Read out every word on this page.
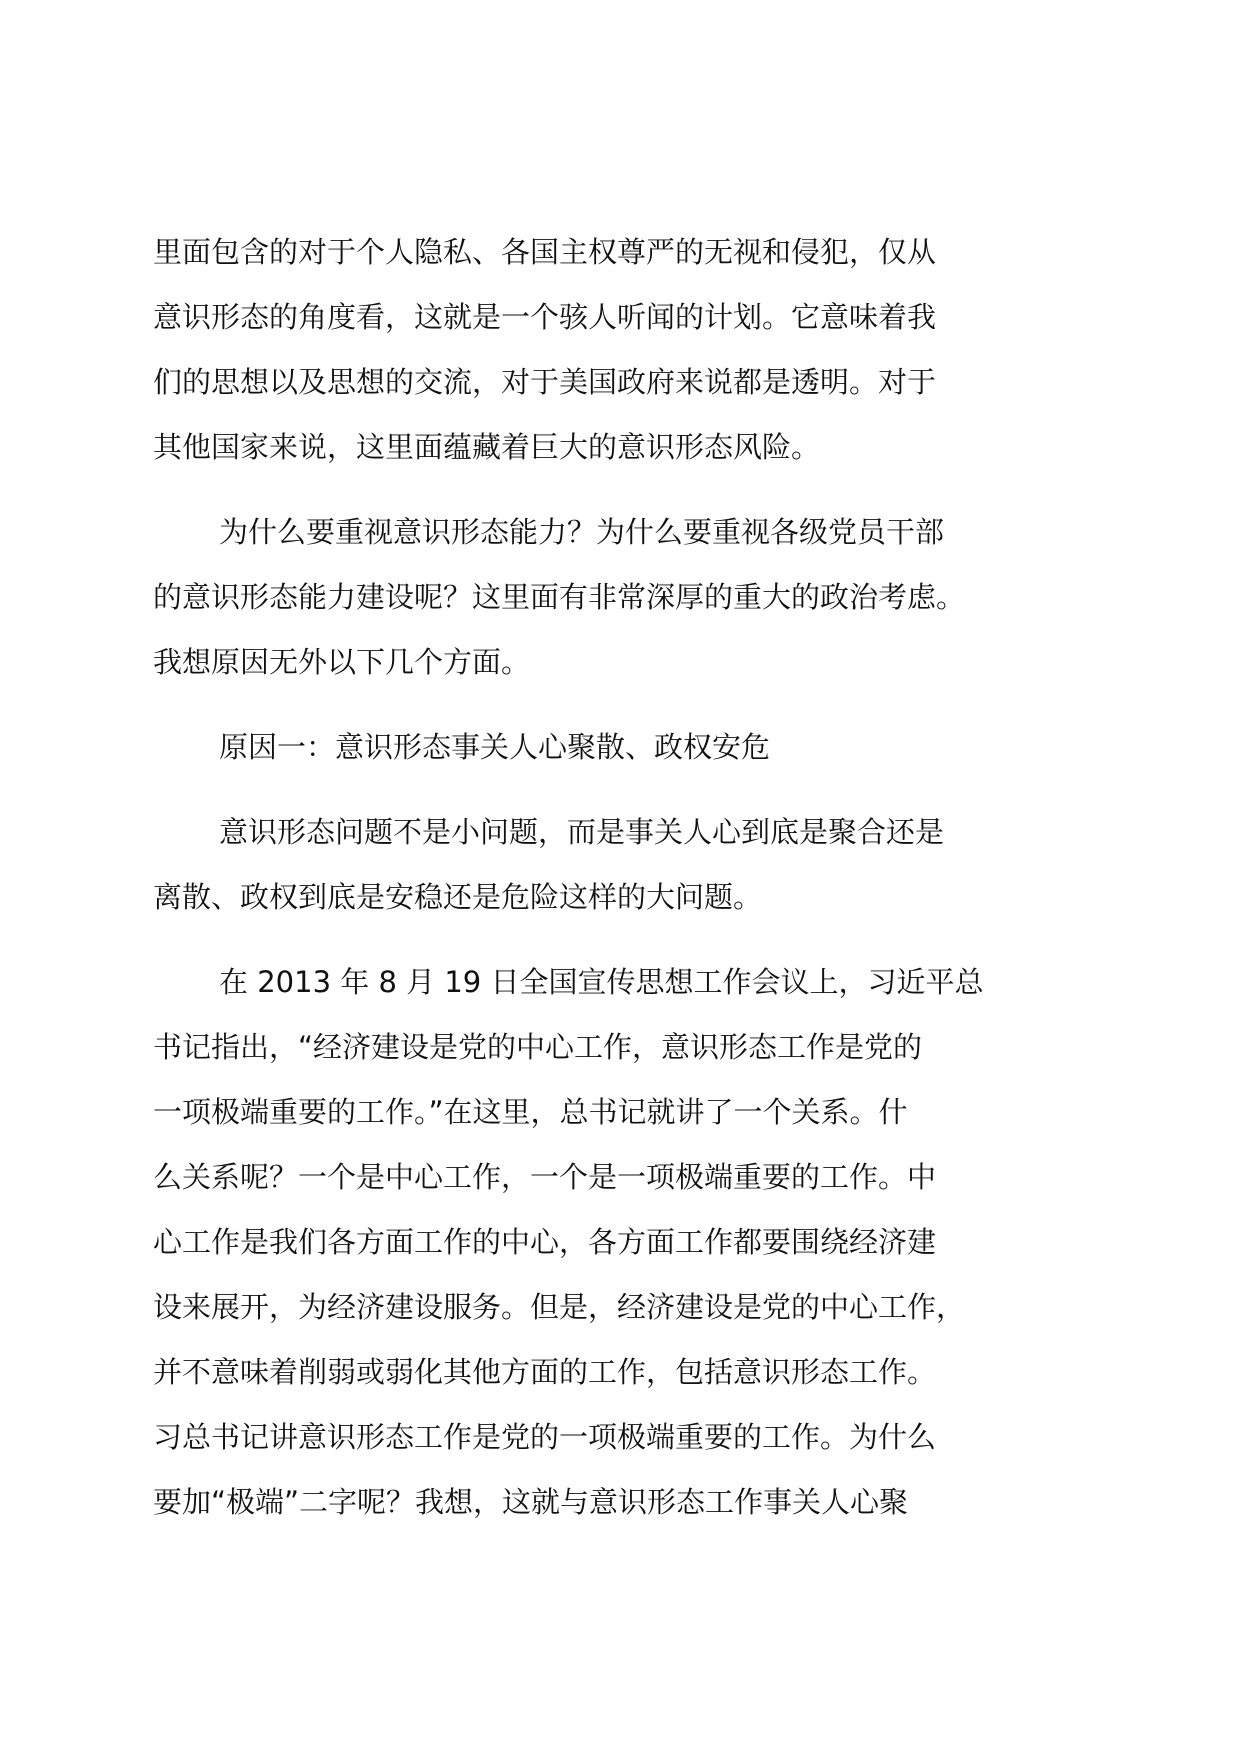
里面包含的对于个人隐私、各国主权尊严的无视和侵犯，仅从
意识形态的角度看，这就是一个骇人听闻的计划。它意味着我
们的思想以及思想的交流，对于美国政府来说都是透明。对于
其他国家来说，这里面蕴藏着巨大的意识形态风险。
为什么要重视意识形态能力？为什么要重视各级党员干部
的意识形态能力建设呢？这里面有非常深厚的重大的政治考虑。
我想原因无外以下几个方面。
原因一：意识形态事关人心聚散、政权安危
意识形态问题不是小问题，而是事关人心到底是聚合还是
离散、政权到底是安稳还是危险这样的大问题。
在 2013 年 8 月 19 日全国宣传思想工作会议上，习近平总
书记指出，“经济建设是党的中心工作，意识形态工作是党的
一项极端重要的工作。”在这里，总书记就讲了一个关系。什
么关系呢？一个是中心工作，一个是一项极端重要的工作。中
心工作是我们各方面工作的中心，各方面工作都要围绕经济建
设来展开，为经济建设服务。但是，经济建设是党的中心工作，
并不意味着削弱或弱化其他方面的工作，包括意识形态工作。
习总书记讲意识形态工作是党的一项极端重要的工作。为什么
要加“极端”二字呢？我想，这就与意识形态工作事关人心聚
